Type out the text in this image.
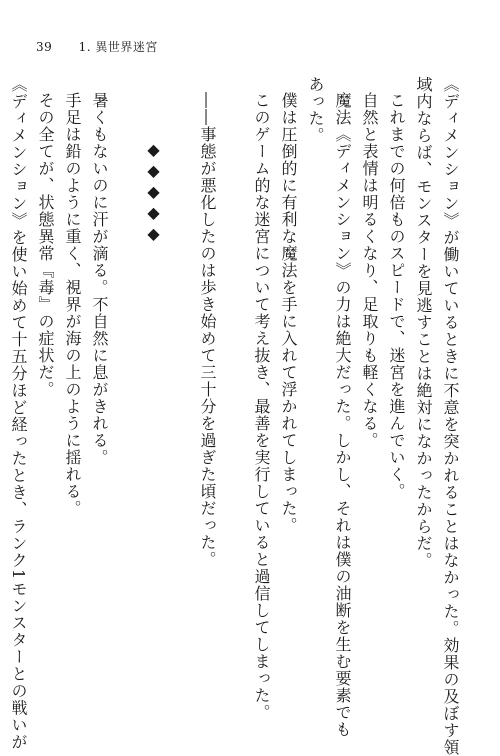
39 1. 異世界迷宮
《ディメンション》が働いているときに不意を突かれることはなかった。効果の及ぼす領
域内ならば、モンスターを見逃すことは絶対になかったからだ。
これまでの何倍ものスピードで、迷宮を進んでいく。
自然と表情は明るくなり、足取りも軽くなる。
魔法《ディメンション》の力は絶大だった。しかし、それは僕の油断を生む要素でも
あった。
僕は圧倒的に有利な魔法を手に入れて浮かれてしまった。
このゲーム的な迷宮について考え抜き、最善を実行していると過信してしまった。
――事態が悪化したのは歩き始めて三十分を過ぎた頃だった。
◆◆◆◆◆
暑くもないのに汗が滴る。不自然に息がきれる。
手足は鉛のように重く、視界が海の上のように揺れる。
その全てが、状態異常『毒』の症状だ。
《ディメンション》を使い始めて十五分ほど経ったとき、ランク1モンスターとの戦いが
